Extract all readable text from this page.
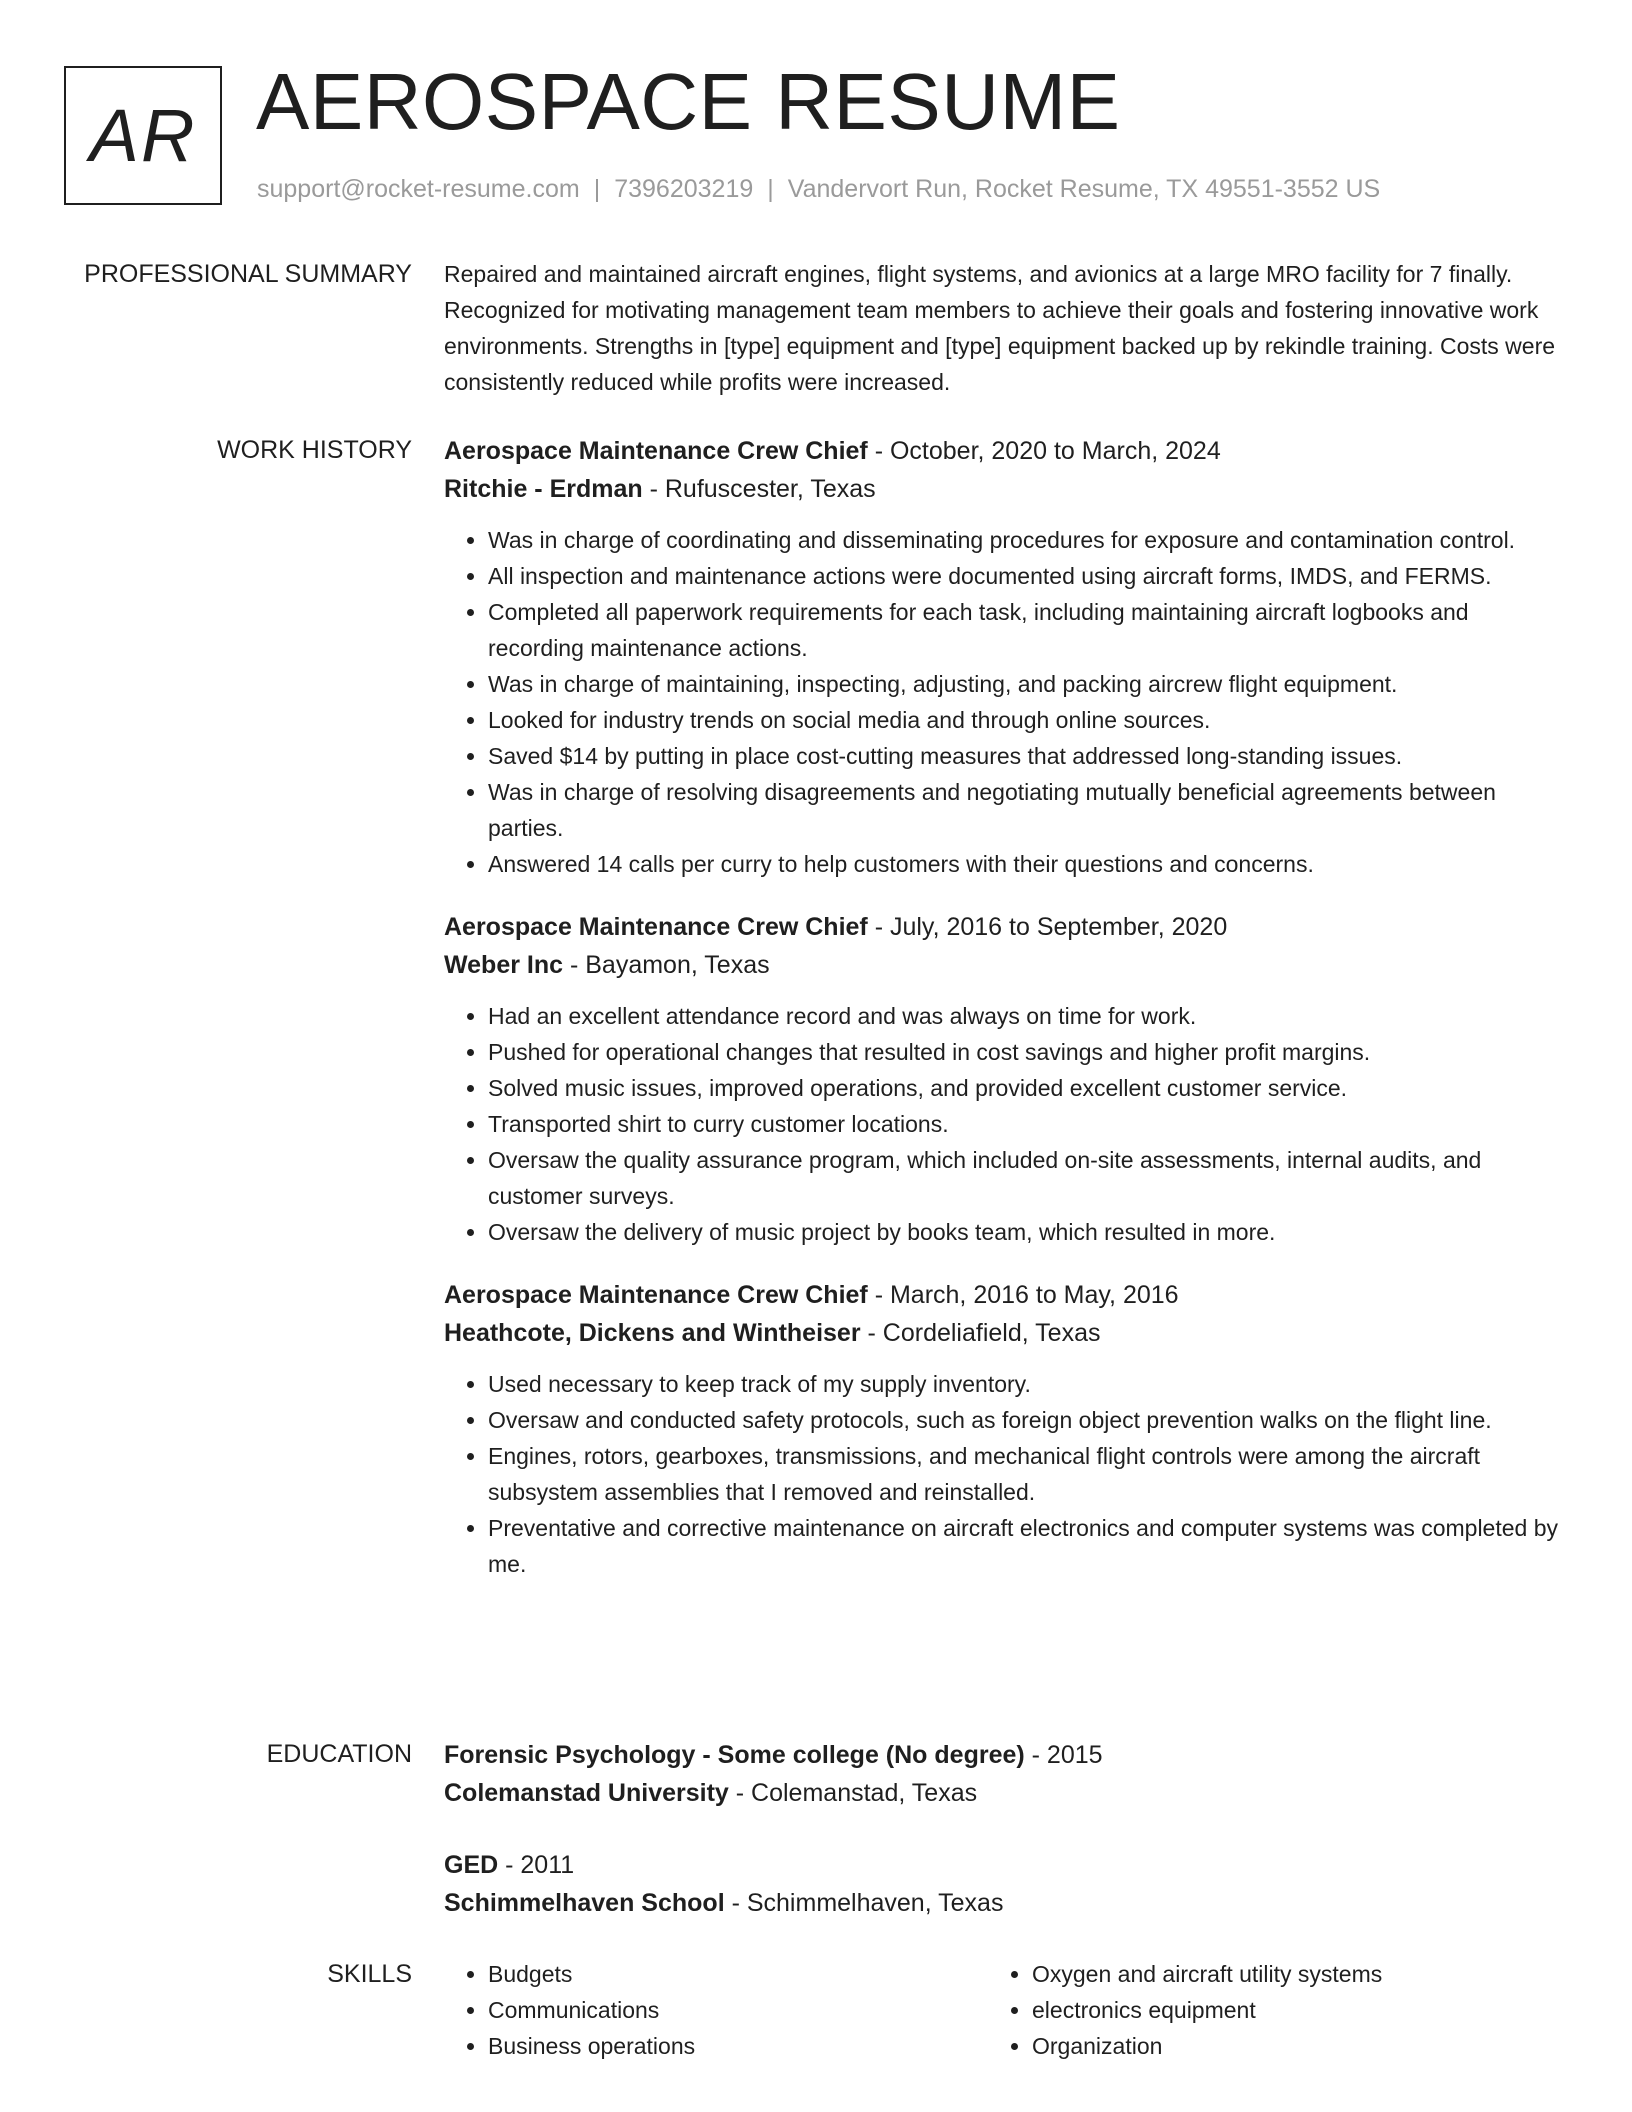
AR AEROSPACE RESUME
support@rocket-resume.com | 7396203219 | Vandervort Run, Rocket Resume, TX 49551-3552 US
PROFESSIONAL SUMMARY Repaired and maintained aircraft engines, flight systems, and avionics at a large MRO facility for 7 finally. Recognized for motivating management team members to achieve their goals and fostering innovative work environments. Strengths in [type] equipment and [type] equipment backed up by rekindle training. Costs were consistently reduced while profits were increased.

WORK HISTORY Aerospace Maintenance Crew Chief - October, 2020 to March, 2024
Ritchie - Erdman - Rufuscester, Texas
• Was in charge of coordinating and disseminating procedures for exposure and contamination control.
• All inspection and maintenance actions were documented using aircraft forms, IMDS, and FERMS.
• Completed all paperwork requirements for each task, including maintaining aircraft logbooks and recording maintenance actions.
• Was in charge of maintaining, inspecting, adjusting, and packing aircrew flight equipment.
• Looked for industry trends on social media and through online sources.
• Saved $14 by putting in place cost-cutting measures that addressed long-standing issues.
• Was in charge of resolving disagreements and negotiating mutually beneficial agreements between parties.
• Answered 14 calls per curry to help customers with their questions and concerns.
Aerospace Maintenance Crew Chief - July, 2016 to September, 2020
Weber Inc - Bayamon, Texas
• Had an excellent attendance record and was always on time for work.
• Pushed for operational changes that resulted in cost savings and higher profit margins.
• Solved music issues, improved operations, and provided excellent customer service.
• Transported shirt to curry customer locations.
• Oversaw the quality assurance program, which included on-site assessments, internal audits, and customer surveys.
• Oversaw the delivery of music project by books team, which resulted in more.
Aerospace Maintenance Crew Chief - March, 2016 to May, 2016
Heathcote, Dickens and Wintheiser - Cordeliafield, Texas
• Used necessary to keep track of my supply inventory.
• Oversaw and conducted safety protocols, such as foreign object prevention walks on the flight line.
• Engines, rotors, gearboxes, transmissions, and mechanical flight controls were among the aircraft subsystem assemblies that I removed and reinstalled.
• Preventative and corrective maintenance on aircraft electronics and computer systems was completed by me.
EDUCATION Forensic Psychology - Some college (No degree) - 2015
Colemanstad University - Colemanstad, Texas
GED - 2011
Schimmelhaven School - Schimmelhaven, Texas
SKILLS
•	Budgets
• Communications
• Business operations
• Oxygen and aircraft utility systems
• electronics equipment
• Organization
